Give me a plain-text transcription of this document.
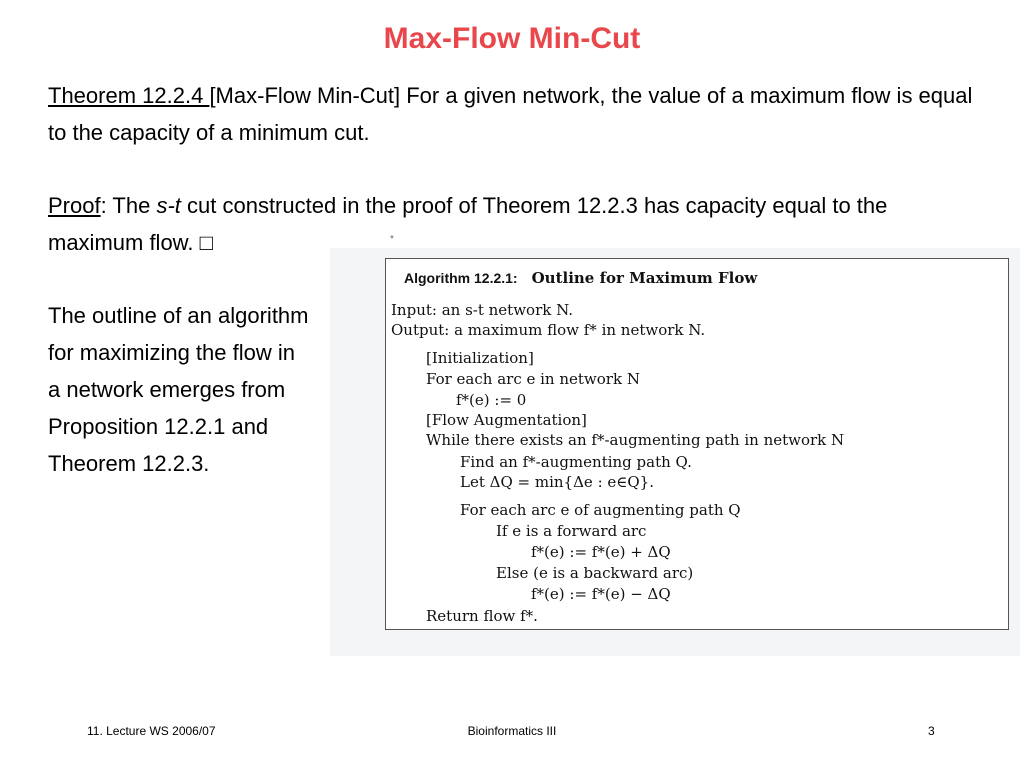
Max-Flow Min-Cut
Theorem 12.2.4 [Max-Flow Min-Cut] For a given network, the value of a maximum flow is equal to the capacity of a minimum cut.
Proof: The s-t cut constructed in the proof of Theorem 12.2.3 has capacity equal to the maximum flow. □
The outline of an algorithm
for maximizing the flow in
a network emerges from
Proposition 12.2.1 and
Theorem 12.2.3.
*
Algorithm 12.2.1: Outline for Maximum Flow
Input: an s-t network N.
Output: a maximum flow f* in network N.
[Initialization]
For each arc e in network N
f*(e) := 0
[Flow Augmentation]
While there exists an f*-augmenting path in network N
Find an f*-augmenting path Q.
Let ΔQ = min{Δe : e∈Q}.
For each arc e of augmenting path Q
If e is a forward arc
f*(e) := f*(e) + ΔQ
Else (e is a backward arc)
f*(e) := f*(e) − ΔQ
Return flow f*.
11. Lecture WS 2006/07	Bioinformatics III	3
